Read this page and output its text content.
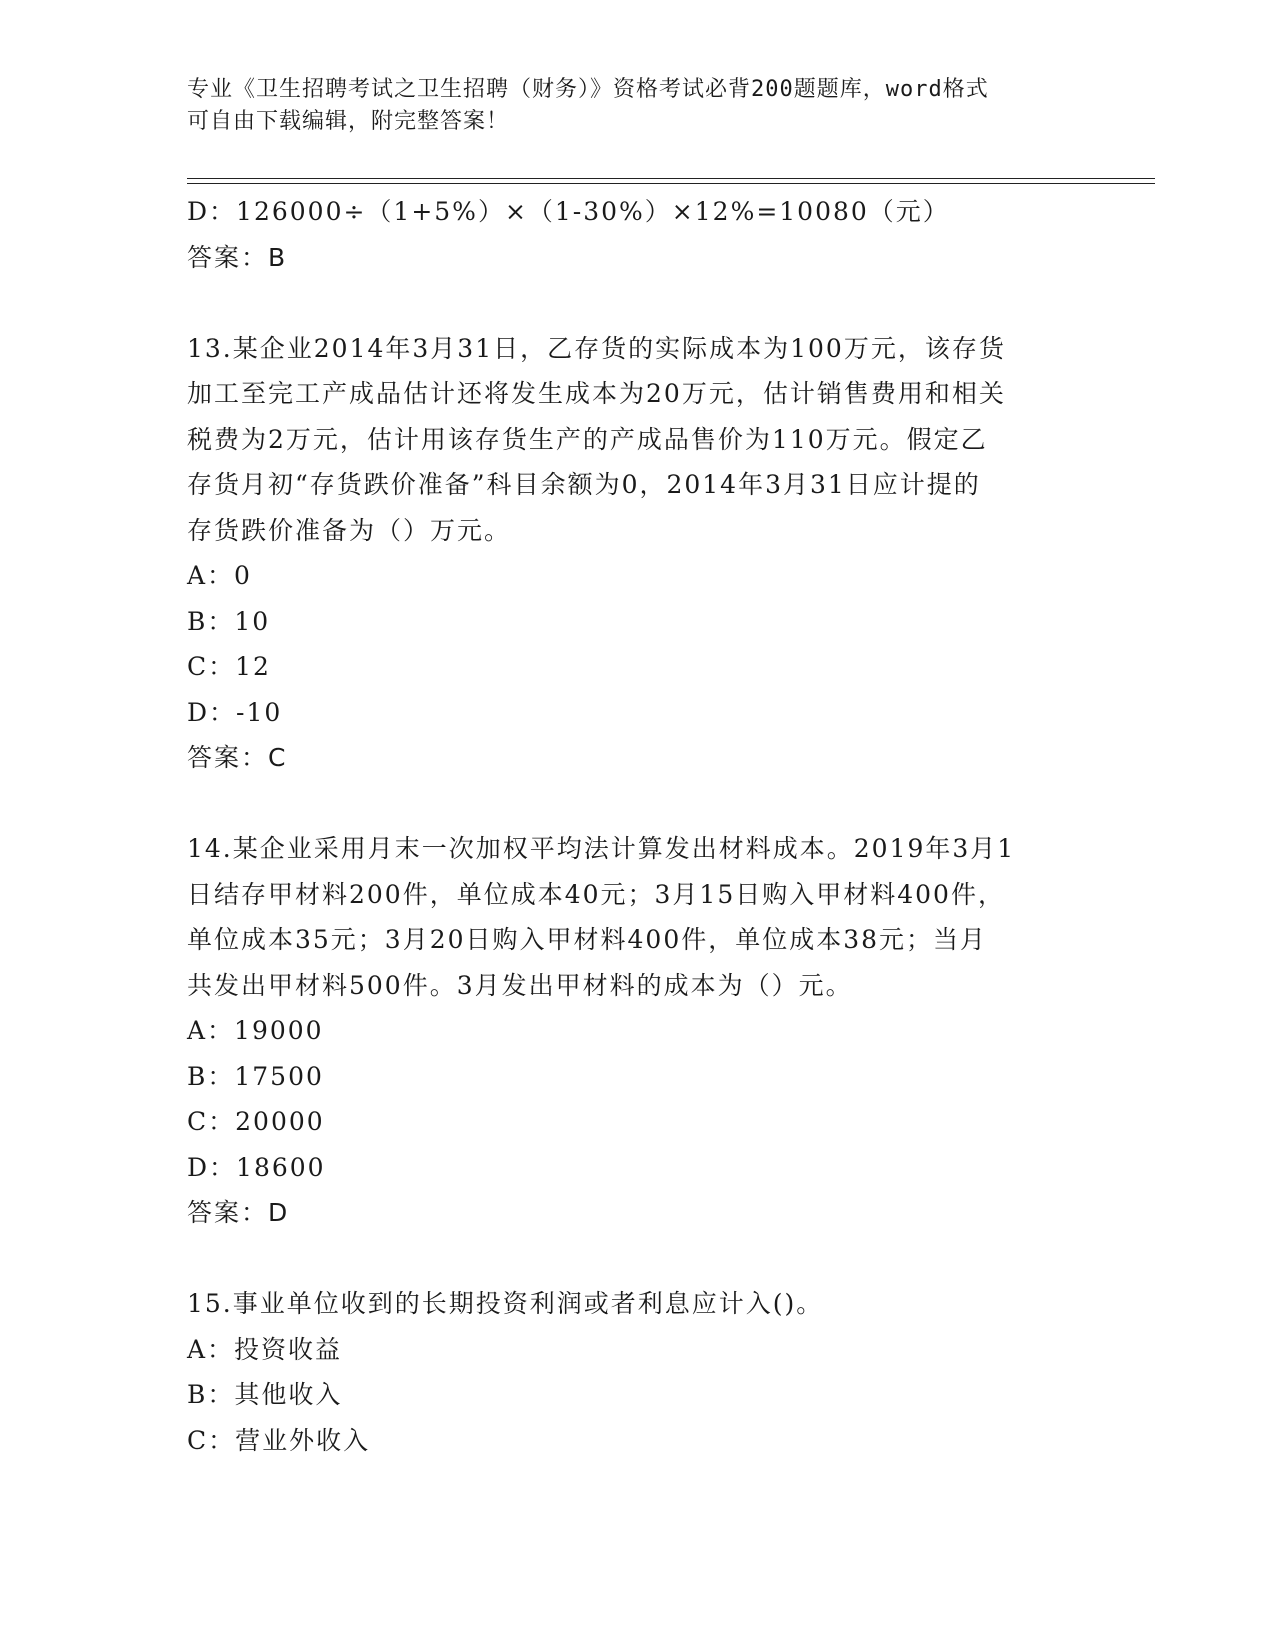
专业《卫生招聘考试之卫生招聘（财务）》资格考试必背200题题库，word格式
可自由下载编辑，附完整答案！
D：126000÷（1+5%）×（1-30%）×12%=10080（元）
答案：B
13.某企业2014年3月31日，乙存货的实际成本为100万元，该存货
加工至完工产成品估计还将发生成本为20万元，估计销售费用和相关
税费为2万元，估计用该存货生产的产成品售价为110万元。假定乙
存货月初“存货跌价准备”科目余额为0，2014年3月31日应计提的
存货跌价准备为（）万元。
A：0
B：10
C：12
D：-10
答案：C
14.某企业采用月末一次加权平均法计算发出材料成本。2019年3月1
日结存甲材料200件，单位成本40元；3月15日购入甲材料400件，
单位成本35元；3月20日购入甲材料400件，单位成本38元；当月
共发出甲材料500件。3月发出甲材料的成本为（）元。
A：19000
B：17500
C：20000
D：18600
答案：D
15.事业单位收到的长期投资利润或者利息应计入()。
A：投资收益
B：其他收入
C：营业外收入
